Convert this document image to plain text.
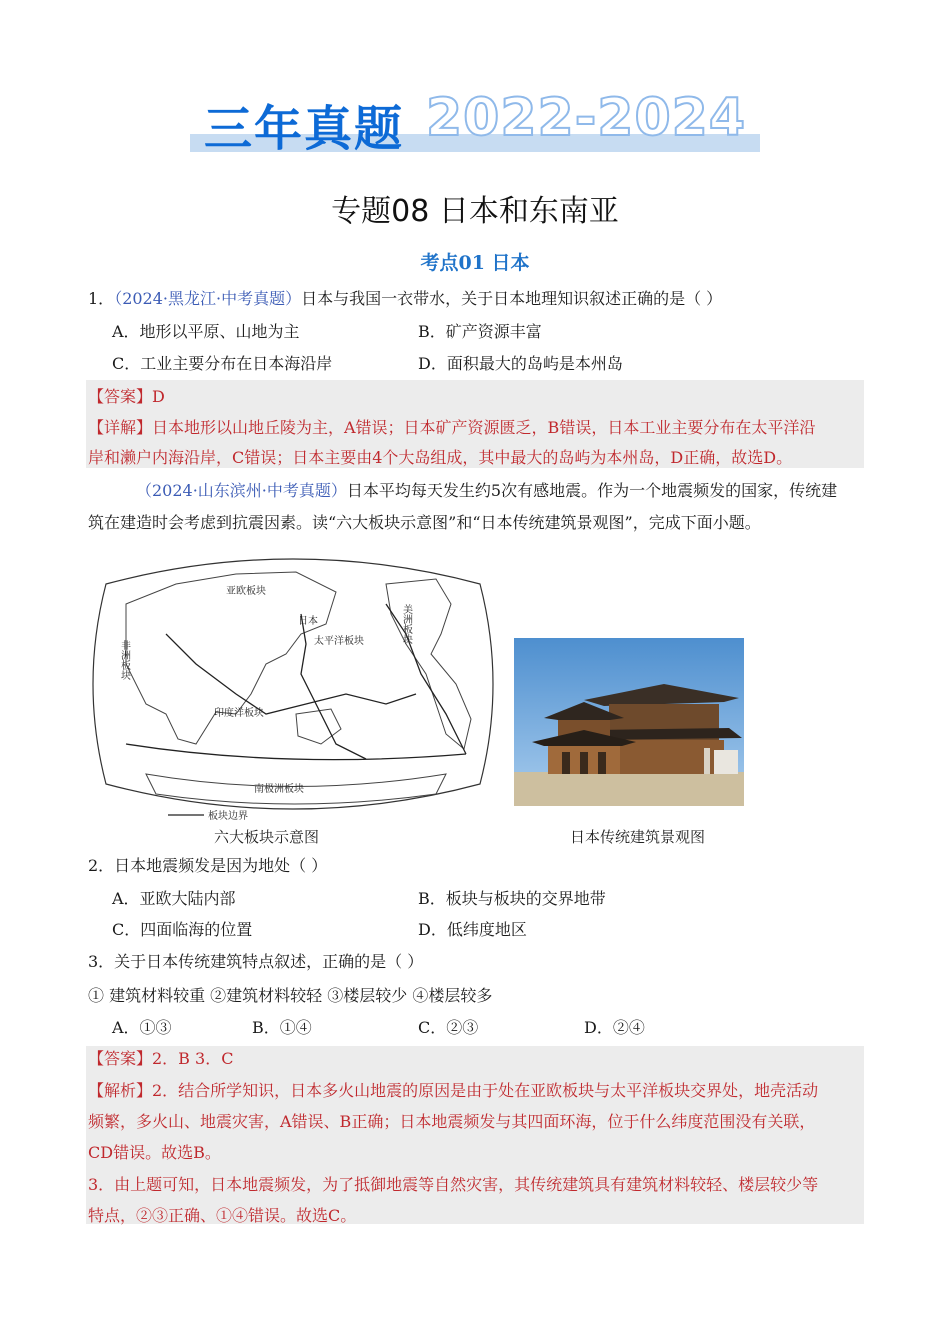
三年真题 2022-2024
专题08 日本和东南亚
考点01 日本
1．（2024·黑龙江·中考真题）日本与我国一衣带水，关于日本地理知识叙述正确的是（ ）
A．地形以平原、山地为主	B．矿产资源丰富
C．工业主要分布在日本海沿岸	D．面积最大的岛屿是本州岛
【答案】D
【详解】日本地形以山地丘陵为主，A错误；日本矿产资源匮乏，B错误，日本工业主要分布在太平洋沿
岸和濑户内海沿岸，C错误；日本主要由4个大岛组成，其中最大的岛屿为本州岛，D正确，故选D。
（2024·山东滨州·中考真题）日本平均每天发生约5次有感地震。作为一个地震频发的国家，传统建
筑在建造时会考虑到抗震因素。读“六大板块示意图”和“日本传统建筑景观图”，完成下面小题。
亚欧板块
非洲板块
美洲板块
太平洋板块
印度洋板块
南极洲板块
日本
板块边界
六大板块示意图	日本传统建筑景观图
2．日本地震频发是因为地处（ ）
A．亚欧大陆内部	B．板块与板块的交界地带
C．四面临海的位置	D．低纬度地区
3．关于日本传统建筑特点叙述，正确的是（ ）
① 建筑材料较重 ②建筑材料较轻 ③楼层较少 ④楼层较多
A．①③	B．①④	C．②③	D．②④
【答案】2．B 3．C
【解析】2．结合所学知识，日本多火山地震的原因是由于处在亚欧板块与太平洋板块交界处，地壳活动
频繁，多火山、地震灾害，A错误、B正确；日本地震频发与其四面环海，位于什么纬度范围没有关联，
CD错误。故选B。
3．由上题可知，日本地震频发，为了抵御地震等自然灾害，其传统建筑具有建筑材料较轻、楼层较少等
特点，②③正确、①④错误。故选C。
